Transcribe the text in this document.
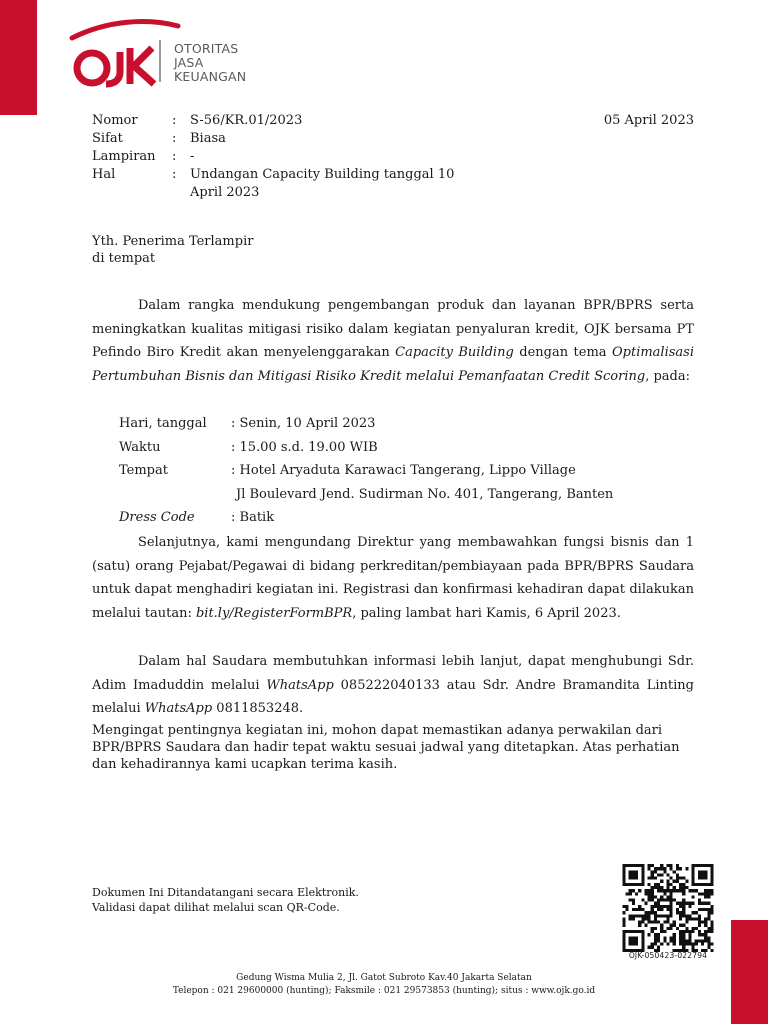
OTORITAS
JASA
KEUANGAN
Nomor	:	S-56/KR.01/2023
Sifat	:	Biasa
Lampiran	:	-
Hal	:	Undangan Capacity Building tanggal 10 April 2023
05 April 2023
Yth. Penerima Terlampir
di tempat
Dalam rangka mendukung pengembangan produk dan layanan BPR/BPRS serta meningkatkan kualitas mitigasi risiko dalam kegiatan penyaluran kredit, OJK bersama PT Pefindo Biro Kredit akan menyelenggarakan Capacity Building dengan tema Optimalisasi Pertumbuhan Bisnis dan Mitigasi Risiko Kredit melalui Pemanfaatan Credit Scoring, pada:
Hari, tanggal	: Senin, 10 April 2023
Waktu	: 15.00 s.d. 19.00 WIB
Tempat	: Hotel Aryaduta Karawaci Tangerang, Lippo Village
Jl Boulevard Jend. Sudirman No. 401, Tangerang, Banten
Dress Code	: Batik
Selanjutnya, kami mengundang Direktur yang membawahkan fungsi bisnis dan 1 (satu) orang Pejabat/Pegawai di bidang perkreditan/pembiayaan pada BPR/BPRS Saudara untuk dapat menghadiri kegiatan ini. Registrasi dan konfirmasi kehadiran dapat dilakukan melalui tautan: bit.ly/RegisterFormBPR, paling lambat hari Kamis, 6 April 2023.
Dalam hal Saudara membutuhkan informasi lebih lanjut, dapat menghubungi Sdr. Adim Imaduddin melalui WhatsApp 085222040133 atau Sdr. Andre Bramandita Linting melalui WhatsApp 0811853248.
Mengingat pentingnya kegiatan ini, mohon dapat memastikan adanya perwakilan dari BPR/BPRS Saudara dan hadir tepat waktu sesuai jadwal yang ditetapkan. Atas perhatian dan kehadirannya kami ucapkan terima kasih.
Dokumen Ini Ditandatangani secara Elektronik.
Validasi dapat dilihat melalui scan QR-Code.
OJK-050423-022794
Gedung Wisma Mulia 2, Jl. Gatot Subroto Kav.40 Jakarta Selatan
Telepon : 021 29600000 (hunting); Faksmile : 021 29573853 (hunting); situs : www.ojk.go.id
